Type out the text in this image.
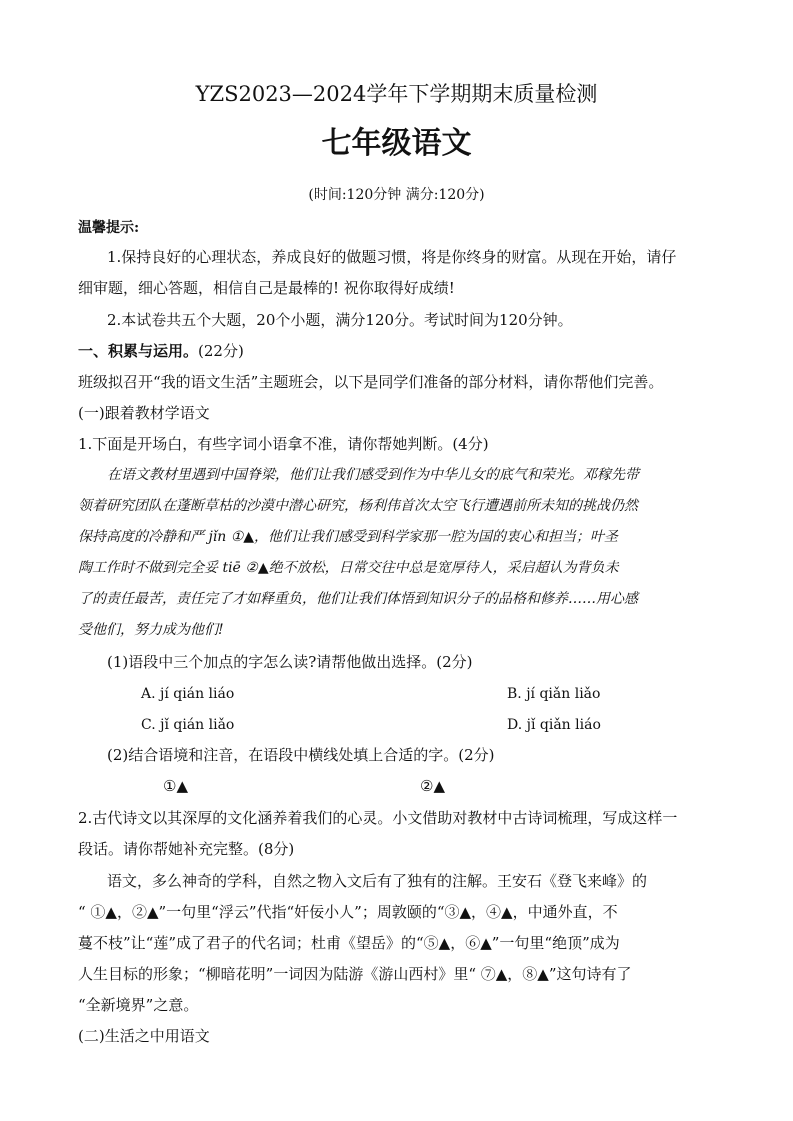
YZS2023—2024学年下学期期末质量检测
七年级语文
(时间:120分钟 满分:120分)
温馨提示:
1.保持良好的心理状态，养成良好的做题习惯，将是你终身的财富。从现在开始，请仔
细审题，细心答题，相信自己是最棒的! 祝你取得好成绩!
2.本试卷共五个大题，20个小题，满分120分。考试时间为120分钟。
一、积累与运用。(22分)
班级拟召开“我的语文生活”主题班会，以下是同学们准备的部分材料，请你帮他们完善。
(一)跟着教材学语文
1.下面是开场白，有些字词小语拿不准，请你帮她判断。(4分)
在语文教材里遇到中国脊梁，他们让我们感受到作为中华儿女的底气和荣光。邓稼先带
领着研究团队在蓬断草枯的沙漠中潜心研究，杨利伟首次太空飞行遭遇前所未知的挑战仍然
保持高度的冷静和严 jǐn ①▲，他们让我们感受到科学家那一腔为国的衷心和担当；叶圣
陶工作时不做到完全妥 tiē ②▲绝不放松，日常交往中总是宽厚待人，采启超认为背负未
了的责任最苦，责任完了才如释重负，他们让我们体悟到知识分子的品格和修养……用心感
受他们，努力成为他们!
(1)语段中三个加点的字怎么读?请帮他做出选择。(2分)
A. jí qián liáo	B. jí qiǎn liǎo
C. jǐ qián liǎo	D. jǐ qiǎn liáo
(2)结合语境和注音，在语段中横线处填上合适的字。(2分)
①▲	②▲
2.古代诗文以其深厚的文化涵养着我们的心灵。小文借助对教材中古诗词梳理，写成这样一
段话。请你帮她补充完整。(8分)
语文，多么神奇的学科，自然之物入文后有了独有的注解。王安石《登飞来峰》的
“ ①▲，②▲”一句里“浮云”代指“奸佞小人”；周敦颐的“③▲，④▲，中通外直，不
蔓不枝”让“莲”成了君子的代名词；杜甫《望岳》的“⑤▲，⑥▲”一句里“绝顶”成为
人生目标的形象；“柳暗花明”一词因为陆游《游山西村》里“ ⑦▲，⑧▲”这句诗有了
“全新境界”之意。
(二)生活之中用语文
